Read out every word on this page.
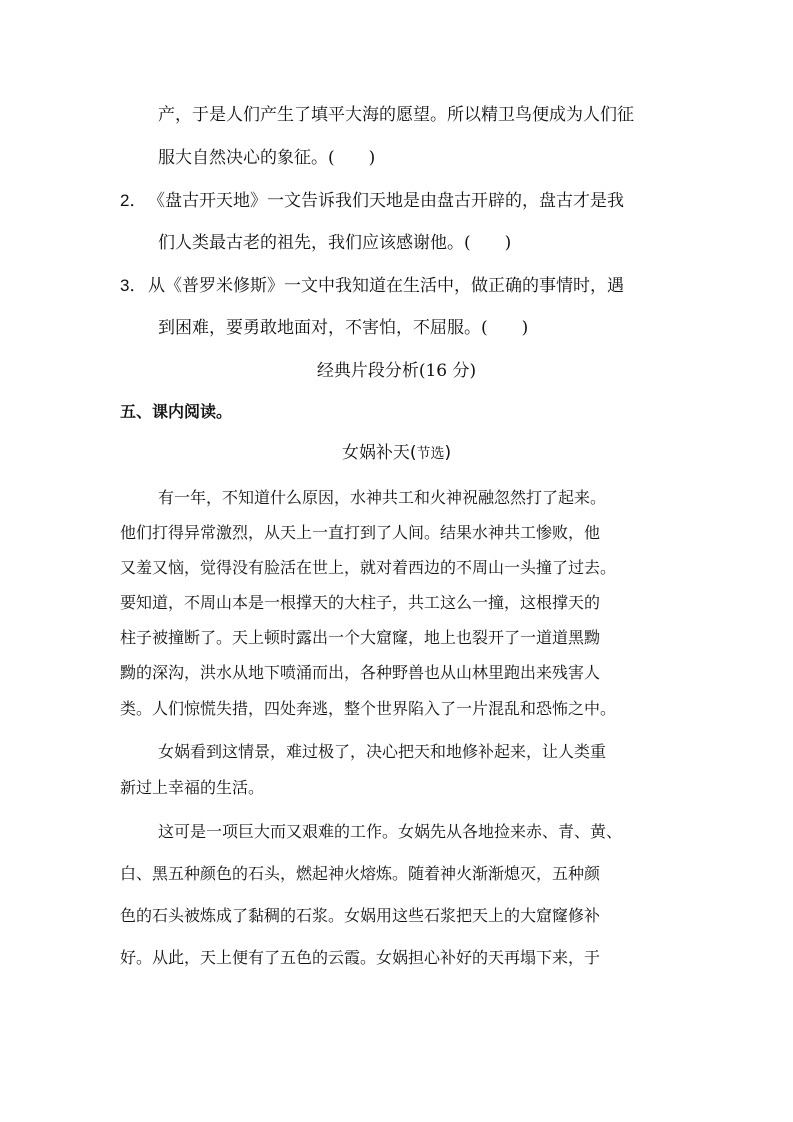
产，于是人们产生了填平大海的愿望。所以精卫鸟便成为人们征
服大自然决心的象征。(　　)
2． 《盘古开天地》一文告诉我们天地是由盘古开辟的，盘古才是我
们人类最古老的祖先，我们应该感谢他。(　　)
3． 从《普罗米修斯》一文中我知道在生活中，做正确的事情时，遇
到困难，要勇敢地面对，不害怕，不屈服。(　　)
经典片段分析(16 分)
五、课内阅读。
女娲补天(节选)
有一年，不知道什么原因，水神共工和火神祝融忽然打了起来。
他们打得异常激烈，从天上一直打到了人间。结果水神共工惨败，他
又羞又恼，觉得没有脸活在世上，就对着西边的不周山一头撞了过去。
要知道，不周山本是一根撑天的大柱子，共工这么一撞，这根撑天的
柱子被撞断了。天上顿时露出一个大窟窿，地上也裂开了一道道黑黝
黝的深沟，洪水从地下喷涌而出，各种野兽也从山林里跑出来残害人
类。人们惊慌失措，四处奔逃，整个世界陷入了一片混乱和恐怖之中。
女娲看到这情景，难过极了，决心把天和地修补起来，让人类重
新过上幸福的生活。
这可是一项巨大而又艰难的工作。女娲先从各地捡来赤、青、黄、
白、黑五种颜色的石头，燃起神火熔炼。随着神火渐渐熄灭，五种颜
色的石头被炼成了黏稠的石浆。女娲用这些石浆把天上的大窟窿修补
好。从此，天上便有了五色的云霞。女娲担心补好的天再塌下来，于
